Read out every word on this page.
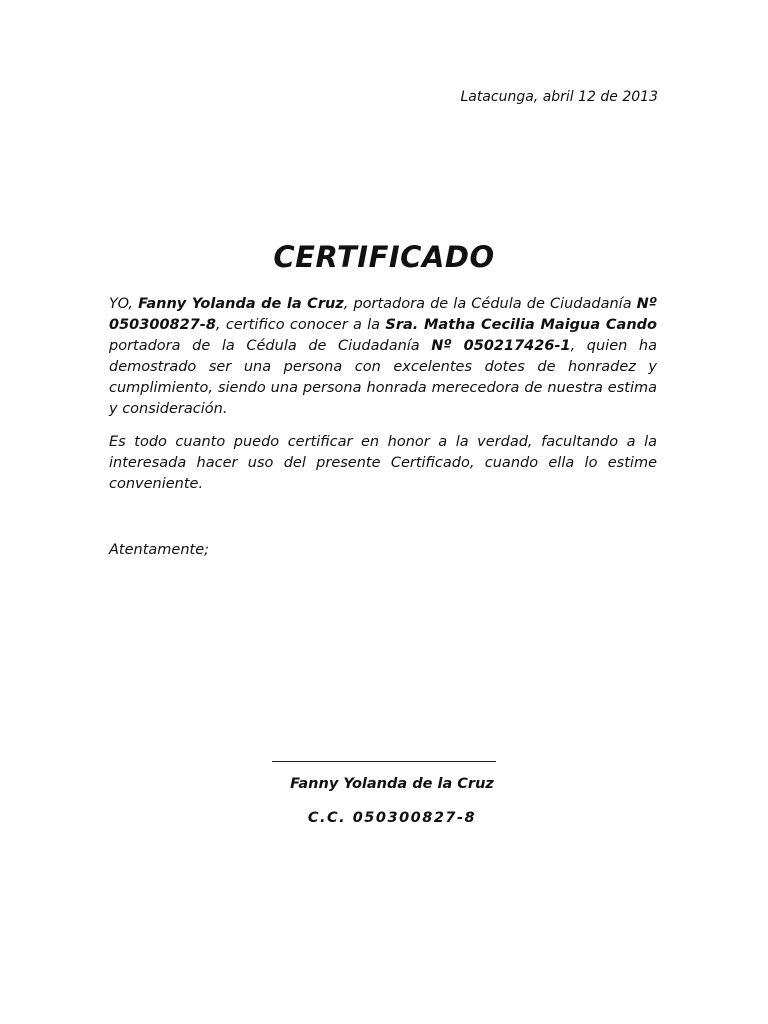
Latacunga, abril 12 de 2013
CERTIFICADO

YO, Fanny Yolanda de la Cruz, portadora de la Cédula de Ciudadanía Nº 050300827-8, certifico conocer a la Sra. Matha Cecilia Maigua Cando portadora de la Cédula de Ciudadanía Nº 050217426-1, quien ha demostrado ser una persona con excelentes dotes de honradez y cumplimiento, siendo una persona honrada merecedora de nuestra estima y consideración.

Es todo cuanto puedo certificar en honor a la verdad, facultando a la interesada hacer uso del presente Certificado, cuando ella lo estime conveniente.

Atentamente;
Fanny Yolanda de la Cruz
C.C. 050300827-8
